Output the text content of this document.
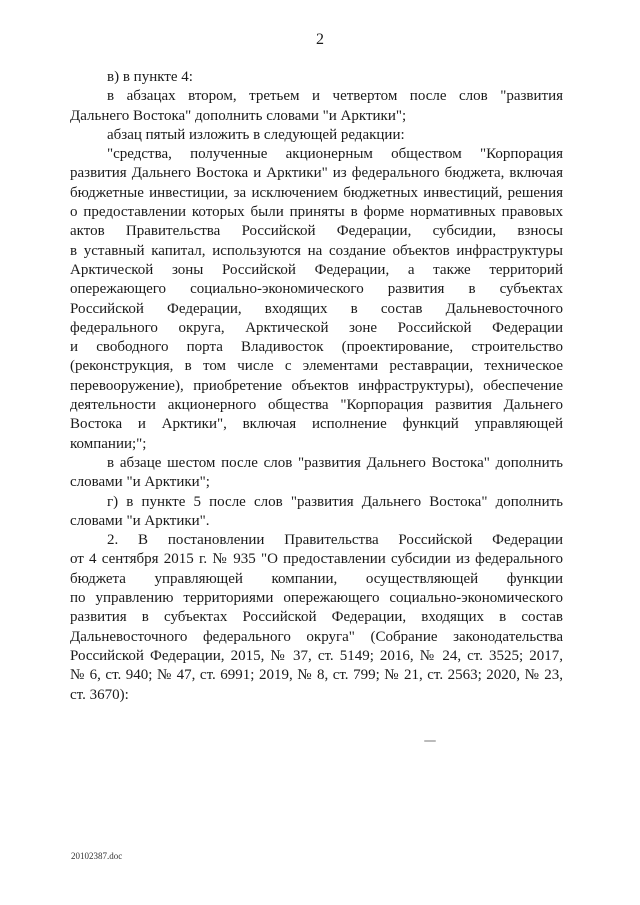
2
в) в пункте 4:
в абзацах втором, третьем и четвертом после слов "развития
Дальнего Востока" дополнить словами "и Арктики";
абзац пятый изложить в следующей редакции:
"средства, полученные акционерным обществом "Корпорация
развития Дальнего Востока и Арктики" из федерального бюджета, включая
бюджетные инвестиции, за исключением бюджетных инвестиций, решения
о предоставлении которых были приняты в форме нормативных правовых
актов Правительства Российской Федерации, субсидии, взносы
в уставный капитал, используются на создание объектов инфраструктуры
Арктической зоны Российской Федерации, а также территорий
опережающего социально-экономического развития в субъектах
Российской Федерации, входящих в состав Дальневосточного
федерального округа, Арктической зоне Российской Федерации
и свободного порта Владивосток (проектирование, строительство
(реконструкция, в том числе с элементами реставрации, техническое
перевооружение), приобретение объектов инфраструктуры), обеспечение
деятельности акционерного общества "Корпорация развития Дальнего
Востока и Арктики", включая исполнение функций управляющей
компании;";
в абзаце шестом после слов "развития Дальнего Востока" дополнить
словами "и Арктики";
г) в пункте 5 после слов "развития Дальнего Востока" дополнить
словами "и Арктики".
2. В постановлении Правительства Российской Федерации
от 4 сентября 2015 г. № 935 "О предоставлении субсидии из федерального
бюджета управляющей компании, осуществляющей функции
по управлению территориями опережающего социально-экономического
развития в субъектах Российской Федерации, входящих в состав
Дальневосточного федерального округа" (Собрание законодательства
Российской Федерации, 2015, № 37, ст. 5149; 2016, № 24, ст. 3525; 2017,
№ 6, ст. 940; № 47, ст. 6991; 2019, № 8, ст. 799; № 21, ст. 2563; 2020, № 23,
ст. 3670):
20102387.doc
